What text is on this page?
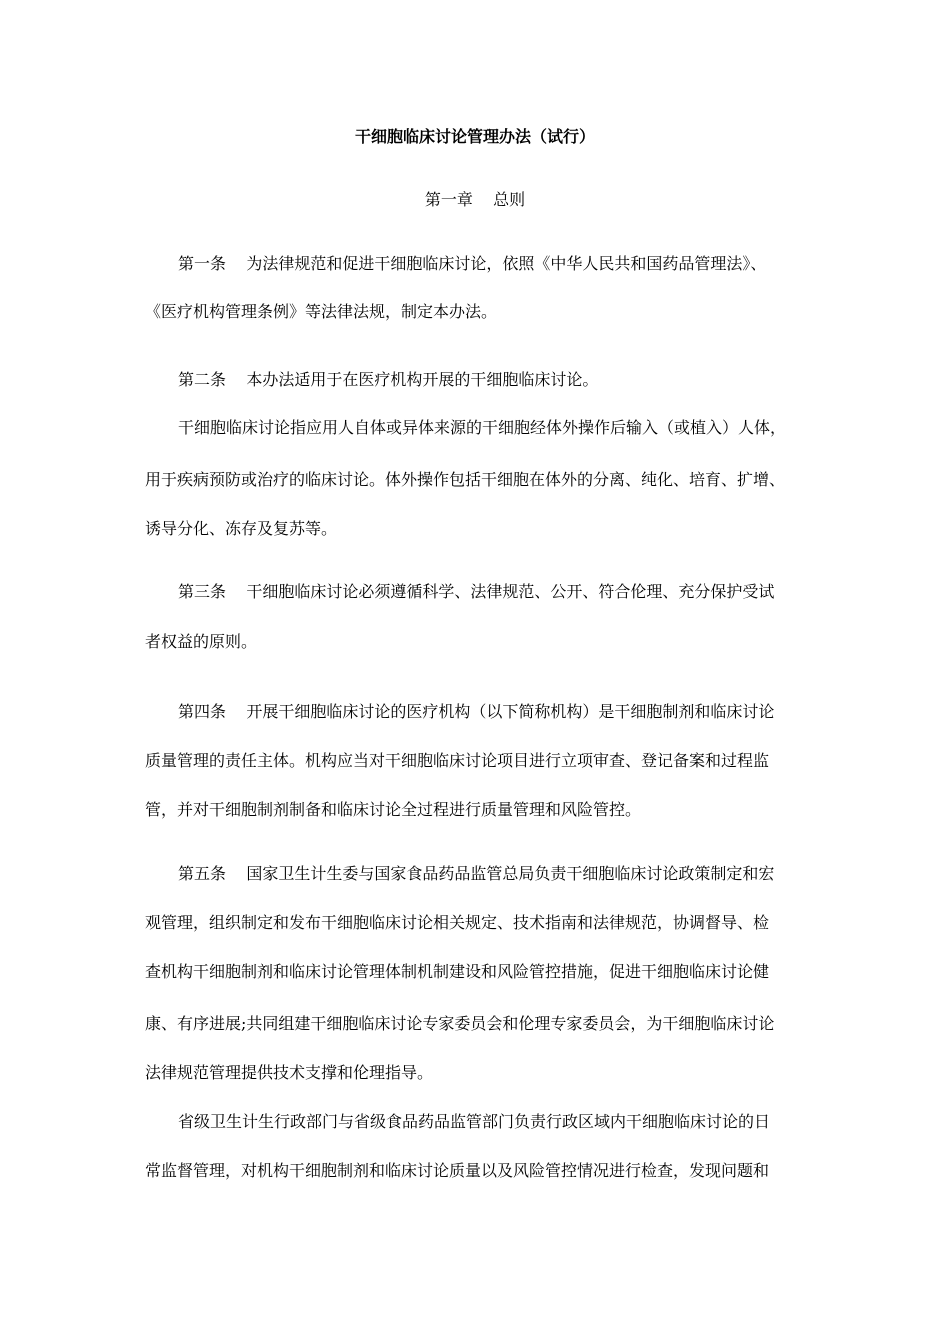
干细胞临床讨论管理办法（试行）
第一章    总则
第一条    为法律规范和促进干细胞临床讨论，依照《中华人民共和国药品管理法》、
《医疗机构管理条例》等法律法规，制定本办法。
第二条    本办法适用于在医疗机构开展的干细胞临床讨论。
干细胞临床讨论指应用人自体或异体来源的干细胞经体外操作后输入（或植入）人体，
用于疾病预防或治疗的临床讨论。体外操作包括干细胞在体外的分离、纯化、培育、扩增、
诱导分化、冻存及复苏等。
第三条    干细胞临床讨论必须遵循科学、法律规范、公开、符合伦理、充分保护受试
者权益的原则。
第四条    开展干细胞临床讨论的医疗机构（以下简称机构）是干细胞制剂和临床讨论
质量管理的责任主体。机构应当对干细胞临床讨论项目进行立项审查、登记备案和过程监
管，并对干细胞制剂制备和临床讨论全过程进行质量管理和风险管控。
第五条    国家卫生计生委与国家食品药品监管总局负责干细胞临床讨论政策制定和宏
观管理，组织制定和发布干细胞临床讨论相关规定、技术指南和法律规范，协调督导、检
查机构干细胞制剂和临床讨论管理体制机制建设和风险管控措施，促进干细胞临床讨论健
康、有序进展;共同组建干细胞临床讨论专家委员会和伦理专家委员会，为干细胞临床讨论
法律规范管理提供技术支撑和伦理指导。
省级卫生计生行政部门与省级食品药品监管部门负责行政区域内干细胞临床讨论的日
常监督管理，对机构干细胞制剂和临床讨论质量以及风险管控情况进行检查，发现问题和
